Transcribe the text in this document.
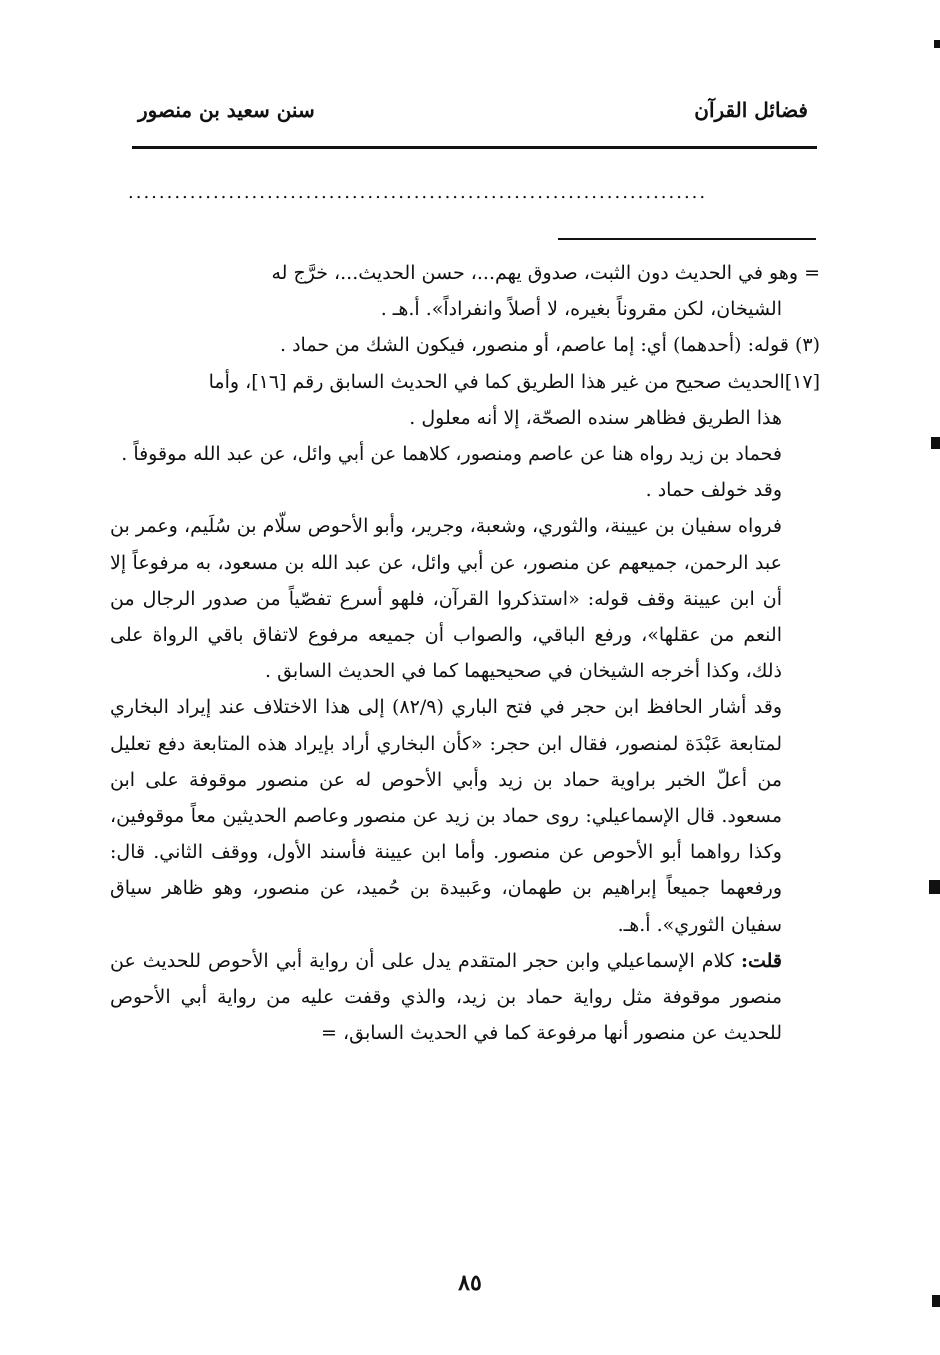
فضائل القرآن
سنن سعيد بن منصور
...........................................................................

= وهو في الحديث دون الثبت، صدوق يهم...، حسن الحديث...، خرَّج له
الشيخان، لكن مقروناً بغيره، لا أصلاً وانفراداً». أ.هـ .

(٣) قوله: (أحدهما) أي: إما عاصم، أو منصور، فيكون الشك من حماد .

[١٧]الحديث صحيح من غير هذا الطريق كما في الحديث السابق رقم [١٦]، وأما
هذا الطريق فظاهر سنده الصحّة، إلا أنه معلول .

فحماد بن زيد رواه هنا عن عاصم ومنصور، كلاهما عن أبي وائل، عن عبد الله موقوفاً .

وقد خولف حماد .

فرواه سفيان بن عيينة، والثوري، وشعبة، وجرير، وأبو الأحوص سلّام بن سُلَيم، وعمر بن عبد الرحمن، جميعهم عن منصور، عن أبي وائل، عن عبد الله بن مسعود، به مرفوعاً إلا أن ابن عيينة وقف قوله: «استذكروا القرآن، فلهو أسرع تفصّياً من صدور الرجال من النعم من عقلها»، ورفع الباقي، والصواب أن جميعه مرفوع لاتفاق باقي الرواة على ذلك، وكذا أخرجه الشيخان في صحيحيهما كما في الحديث السابق .

وقد أشار الحافظ ابن حجر في فتح الباري (٨٢/٩) إلى هذا الاختلاف عند إيراد البخاري لمتابعة عَبْدَة لمنصور، فقال ابن حجر: «كأن البخاري أراد بإيراد هذه المتابعة دفع تعليل من أعلّ الخبر براوية حماد بن زيد وأبي الأحوص له عن منصور موقوفة على ابن مسعود. قال الإسماعيلي: روى حماد بن زيد عن منصور وعاصم الحديثين معاً موقوفين، وكذا رواهما أبو الأحوص عن منصور. وأما ابن عيينة فأسند الأول، ووقف الثاني. قال: ورفعهما جميعاً إبراهيم بن طهمان، وعَبيدة بن حُميد، عن منصور، وهو ظاهر سياق سفيان الثوري». أ.هـ.

قلت: كلام الإسماعيلي وابن حجر المتقدم يدل على أن رواية أبي الأحوص للحديث عن منصور موقوفة مثل رواية حماد بن زيد، والذي وقفت عليه من رواية أبي الأحوص للحديث عن منصور أنها مرفوعة كما في الحديث السابق، =

٨٥
